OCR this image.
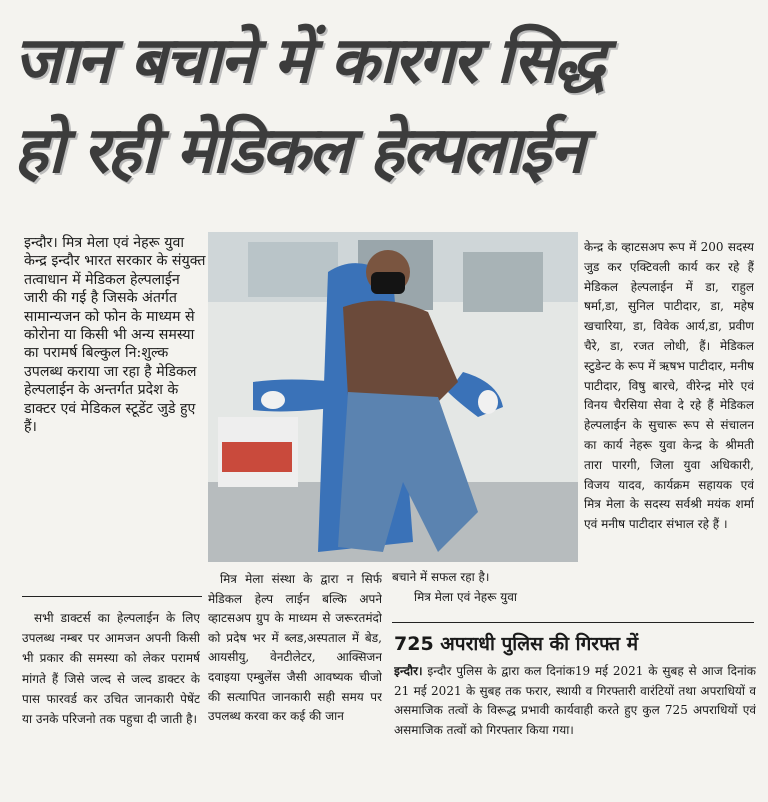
जान बचाने में कारगर सिद्ध
हो रही मेडिकल हेल्पलाईन

इन्दौर। मित्र मेला एवं नेहरू युवा केन्द्र इन्दौर भारत सरकार के संयुक्त तत्वाधान में मेडिकल हेल्पलाईन जारी की गई है जिसके अंतर्गत सामान्यजन को फोन के माध्यम से कोरोना या किसी भी अन्य समस्या का परामर्ष बिल्कुल नि:शुल्क उपलब्ध कराया जा रहा है मेडिकल हेल्पलाईन के अन्तर्गत प्रदेश के डाक्टर एवं मेडिकल स्टूडेंट जुडे हुए हैं।

सभी डाक्टर्स का हेल्पलाईन के लिए उपलब्ध नम्बर पर आमजन अपनी किसी भी प्रकार की समस्या को लेकर परामर्ष मांगते हैं जिसे जल्द से जल्द डाक्टर के पास फारवर्ड कर उचित जानकारी पेषेंट या उनके परिजनो तक पहुचा दी जाती है।

मित्र मेला संस्था के द्वारा न सिर्फ मेडिकल हेल्प लाईन बल्कि अपने व्हाटसअप ग्रुप के माध्यम से जरूरतमंदो को प्रदेष भर में ब्लड,अस्पताल में बेड, आयसीयु, वेनटीलेटर, आक्सिजन दवाइया एम्बुलेंस जैसी आवष्यक चीजो की सत्यापित जानकारी सही समय पर उपलब्ध करवा कर कई की जान

बचाने में सफल रहा है।

मित्र मेला एवं नेहरू युवा

केन्द्र के व्हाटसअप रूप में 200 सदस्य जुड कर एक्टिवली कार्य कर रहे हैं मेडिकल हेल्पलाईन में डा, राहुल षर्मा,डा, सुनिल पाटीदार, डा, महेष खचारिया, डा, विवेक आर्य,डा, प्रवीण चैरे, डा, रजत लोधी, हैं। मेडिकल स्टुडेन्ट के रूप में ऋषभ पाटीदार, मनीष पाटीदार, विषु बारचे, वीरेन्द्र मोरे एवं विनय चैरसिया सेवा दे रहे हैं मेडिकल हेल्पलाईन के सुचारू रूप से संचालन का कार्य नेहरू युवा केन्द्र के श्रीमती तारा पारगी, जिला युवा अधिकारी, विजय यादव, कार्यक्रम सहायक एवं मित्र मेला के सदस्य सर्वश्री मयंक शर्मा एवं मनीष पाटीदार संभाल रहे हैं ।

725 अपराधी पुलिस की गिरफ्त में

इन्दौर। इन्दौर पुलिस के द्वारा कल दिनांक19 मई 2021 के सुबह से आज दिनांक 21 मई 2021 के सुबह तक फरार, स्थायी व गिरफ्तारी वारंटियों तथा अपराधियों व असमाजिक तत्वों के विरूद्ध प्रभावी कार्यवाही करते हुए कुल 725 अपराधियों एवं असमाजिक तत्वों को गिरफ्तार किया गया।
